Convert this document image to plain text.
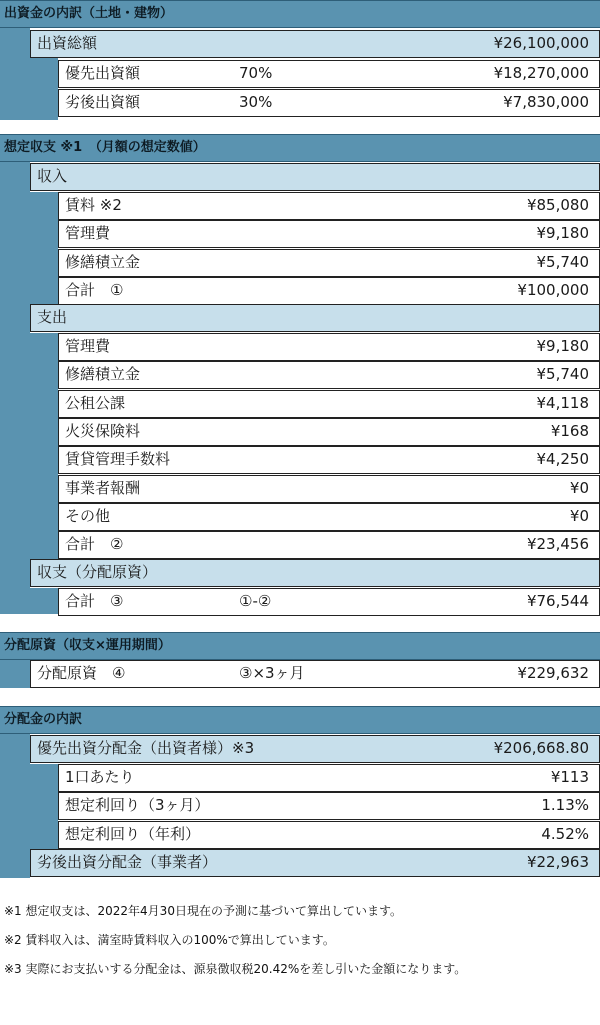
出資金の内訳（土地・建物）
出資総額	¥26,100,000
優先出資額	70%	¥18,270,000
劣後出資額	30%	¥7,830,000
想定収支 ※1　（月額の想定数値）
収入
賃料 ※2	¥85,080
管理費	¥9,180
修繕積立金	¥5,740
合計　①	¥100,000
支出
管理費	¥9,180
修繕積立金	¥5,740
公租公課	¥4,118
火災保険料	¥168
賃貸管理手数料	¥4,250
事業者報酬	¥0
その他	¥0
合計　②	¥23,456
収支（分配原資）
合計　③	①-②	¥76,544
分配原資（収支×運用期間）
分配原資　④	③×3ヶ月	¥229,632
分配金の内訳
優先出資分配金（出資者様）※3	¥206,668.80
1口あたり	¥113
想定利回り（3ヶ月）	1.13%
想定利回り（年利）	4.52%
劣後出資分配金（事業者）	¥22,963
※1 想定収支は、2022年4月30日現在の予測に基づいて算出しています。
※2 賃料収入は、満室時賃料収入の100%で算出しています。
※3 実際にお支払いする分配金は、源泉徴収税20.42%を差し引いた金額になります。
